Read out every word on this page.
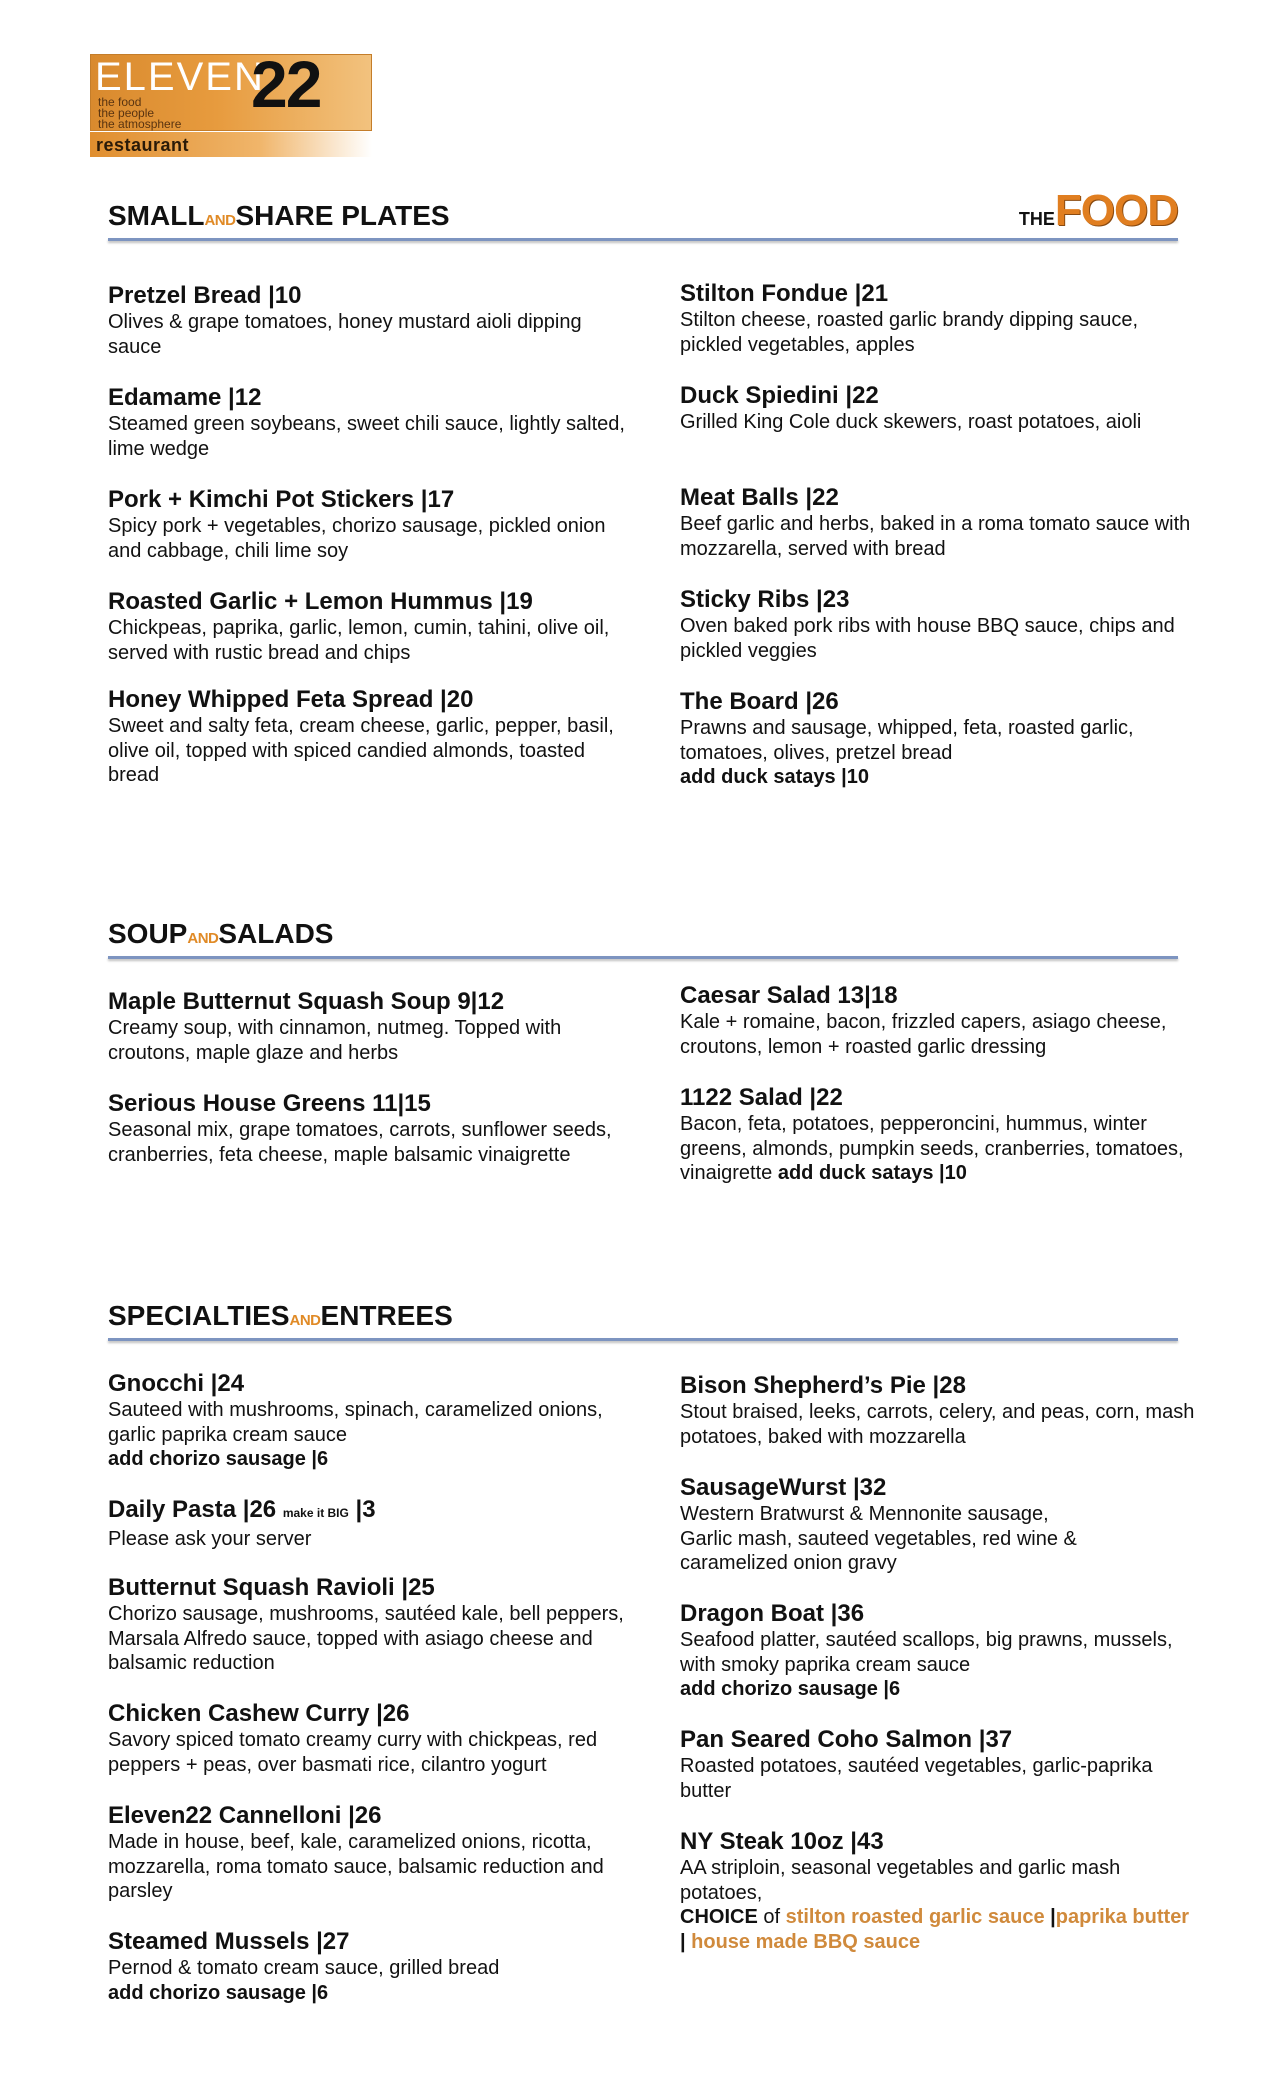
ELEVEN
22
the food
the people
the atmosphere
restaurant
SMALLANDSHARE PLATES	THEFOOD
Pretzel Bread |10
Olives & grape tomatoes, honey mustard aioli dipping sauce
Edamame |12
Steamed green soybeans, sweet chili sauce, lightly salted, lime wedge
Pork + Kimchi Pot Stickers |17
Spicy pork + vegetables, chorizo sausage, pickled onion and cabbage, chili lime soy
Roasted Garlic + Lemon Hummus |19
Chickpeas, paprika, garlic, lemon, cumin, tahini, olive oil, served with rustic bread and chips
Honey Whipped Feta Spread |20
Sweet and salty feta, cream cheese, garlic, pepper, basil, olive oil, topped with spiced candied almonds, toasted bread
Stilton Fondue |21
Stilton cheese, roasted garlic brandy dipping sauce, pickled vegetables, apples
Duck Spiedini |22
Grilled King Cole duck skewers, roast potatoes, aioli
Meat Balls |22
Beef garlic and herbs, baked in a roma tomato sauce with mozzarella, served with bread
Sticky Ribs |23
Oven baked pork ribs with house BBQ sauce, chips and pickled veggies
The Board |26
Prawns and sausage, whipped, feta, roasted garlic, tomatoes, olives, pretzel bread
add duck satays |10
SOUPANDSALADS
Maple Butternut Squash Soup 9|12
Creamy soup, with cinnamon, nutmeg. Topped with croutons, maple glaze and herbs
Serious House Greens 11|15
Seasonal mix, grape tomatoes, carrots, sunflower seeds, cranberries, feta cheese, maple balsamic vinaigrette
Caesar Salad 13|18
Kale + romaine, bacon, frizzled capers, asiago cheese, croutons, lemon + roasted garlic dressing
1122 Salad |22
Bacon, feta, potatoes, pepperoncini, hummus, winter greens, almonds, pumpkin seeds, cranberries, tomatoes, vinaigrette add duck satays |10
SPECIALTIESANDENTREES
Gnocchi |24
Sauteed with mushrooms, spinach, caramelized onions, garlic paprika cream sauce
add chorizo sausage |6
Daily Pasta |26 make it BIG |3
Please ask your server
Butternut Squash Ravioli |25
Chorizo sausage, mushrooms, sautéed kale, bell peppers, Marsala Alfredo sauce, topped with asiago cheese and balsamic reduction
Chicken Cashew Curry |26
Savory spiced tomato creamy curry with chickpeas, red peppers + peas, over basmati rice, cilantro yogurt
Eleven22 Cannelloni |26
Made in house, beef, kale, caramelized onions, ricotta, mozzarella, roma tomato sauce, balsamic reduction and parsley
Steamed Mussels |27
Pernod & tomato cream sauce, grilled bread
add chorizo sausage |6
Bison Shepherd’s Pie |28
Stout braised, leeks, carrots, celery, and peas, corn, mash potatoes, baked with mozzarella
SausageWurst |32
Western Bratwurst & Mennonite sausage,
Garlic mash, sauteed vegetables, red wine &
caramelized onion gravy
Dragon Boat |36
Seafood platter, sautéed scallops, big prawns, mussels, with smoky paprika cream sauce
add chorizo sausage |6
Pan Seared Coho Salmon |37
Roasted potatoes, sautéed vegetables, garlic-paprika butter
NY Steak 10oz |43
AA striploin, seasonal vegetables and garlic mash potatoes,
CHOICE of stilton roasted garlic sauce |paprika butter | house made BBQ sauce
